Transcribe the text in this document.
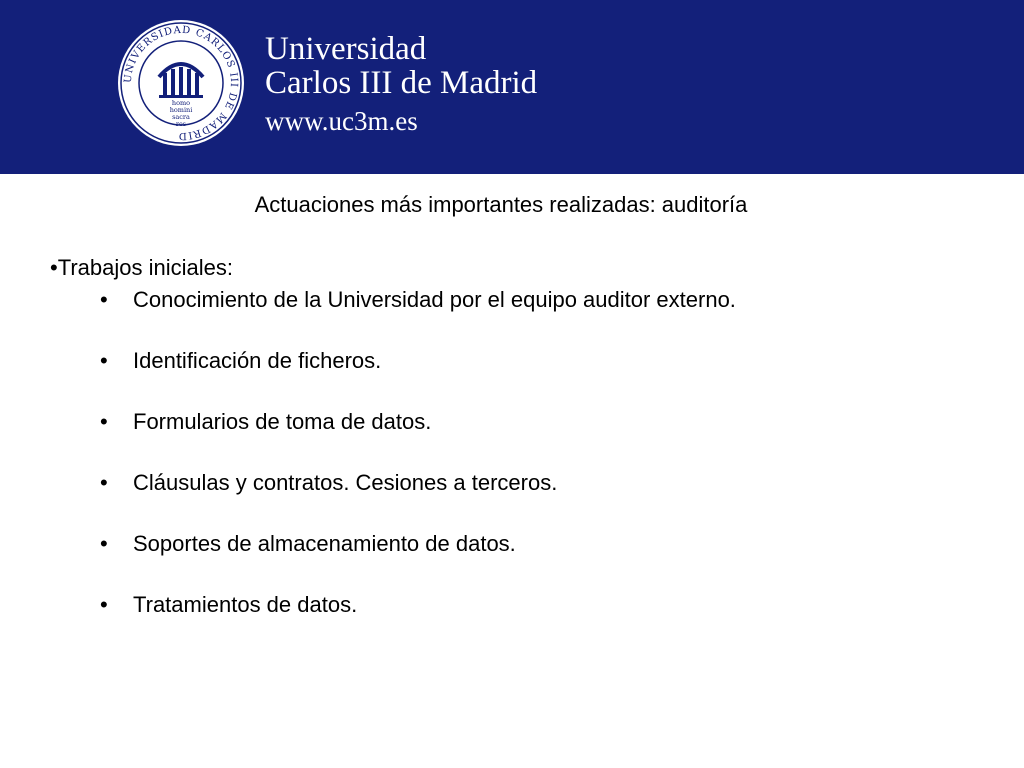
UNIVERSIDAD CARLOS III DE MADRID
homo
homini
sacra
res
Universidad
Carlos III de Madrid
www.uc3m.es
Actuaciones más importantes realizadas: auditoría
•Trabajos iniciales:
• Conocimiento de la Universidad por el equipo auditor externo.
• Identificación de ficheros.
• Formularios de toma de datos.
• Cláusulas y contratos. Cesiones a terceros.
• Soportes de almacenamiento de datos.
• Tratamientos de datos.
